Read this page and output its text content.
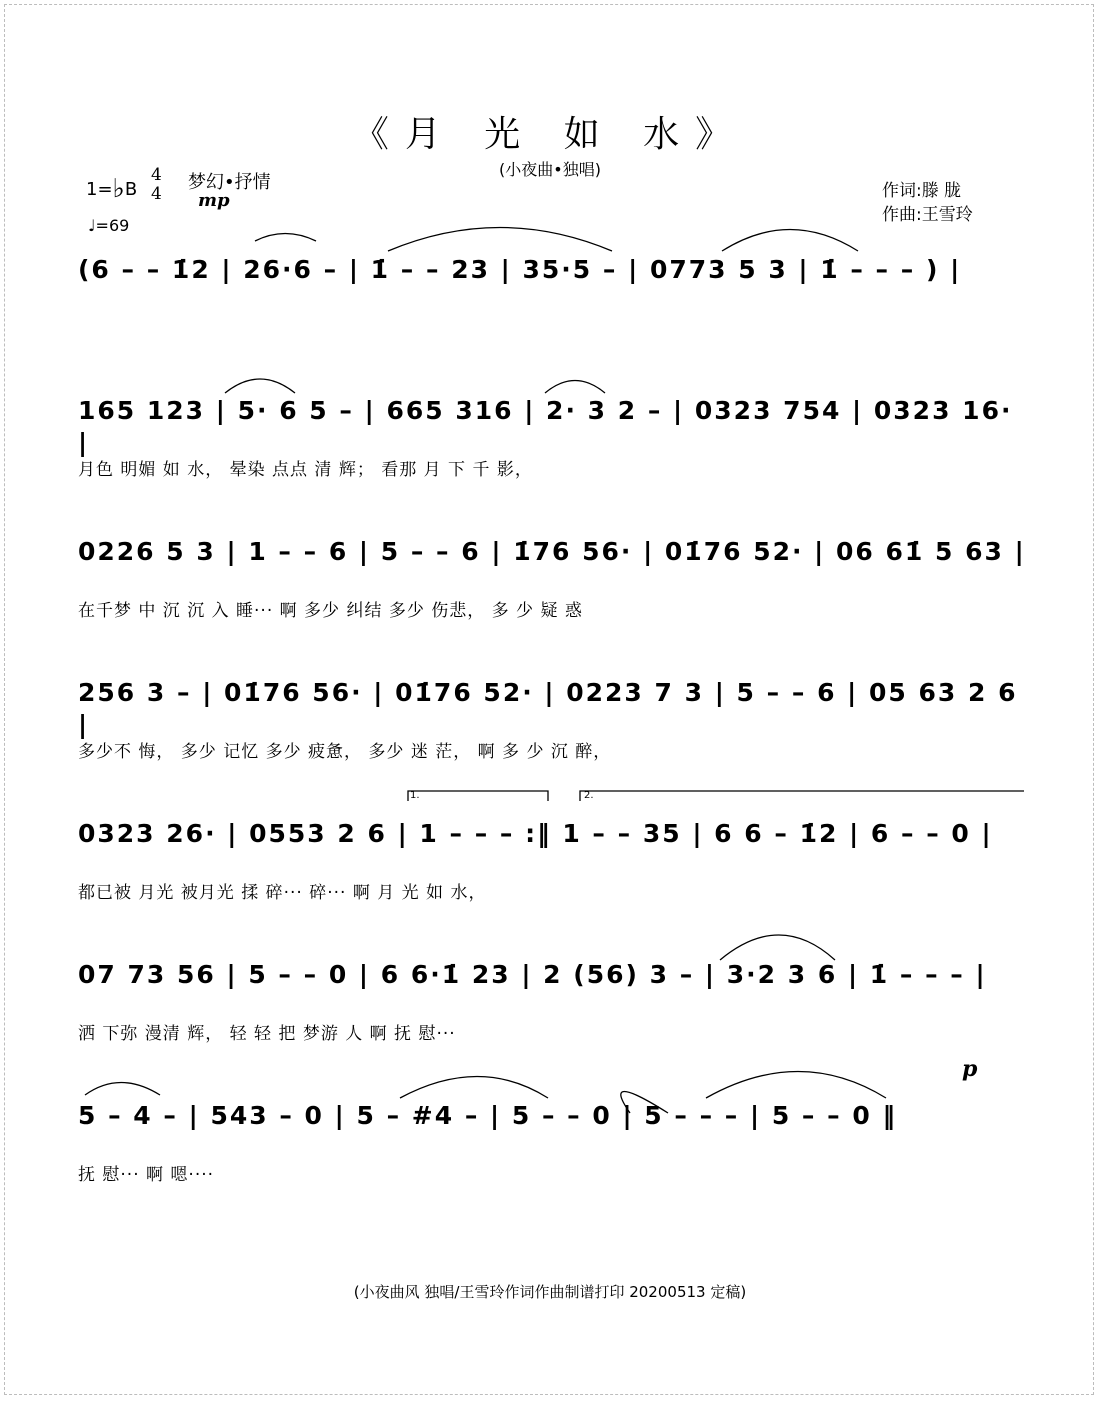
《月 光 如 水》
(小夜曲•独唱)
1=♭B
4
4
梦幻•抒情
mp
♩=69
作词:滕 胧
作曲:王雪玲
1.	2.
(6 – – 1̇2 | 26·6 – | 1̇ – – 23 | 35·5 – | 0773 5 3 | 1̇ – – – ) |
165 123 | 5· 6 5 – | 665 316 | 2· 3 2 – | 0323 754 | 0323 16· |
月色 明媚 如 水， 晕染 点点 清 辉； 看那 月 下 千 影，
0226 5 3 | 1 – – 6 | 5 – – 6 | 1̇76 56· | 01̇76 52· | 06 61̇ 5 63 |
在千梦 中 沉 沉 入 睡··· 啊 多少 纠结 多少 伤悲， 多 少 疑 惑
256 3 – | 01̇76 56· | 01̇76 52· | 0223 7 3 | 5 – – 6 | 05 63 2 6 |
多少不 悔， 多少 记忆 多少 疲惫， 多少 迷 茫， 啊 多 少 沉 醉，
0323 26· | 0553 2 6 | 1 – – – :‖ 1 – – 35 | 6 6 – 1̇2 | 6 – – 0 |
都已被 月光 被月光 揉 碎··· 碎··· 啊 月 光 如 水，
07 73 56 | 5 – – 0 | 6 6·1̇ 23 | 2 (56) 3 – | 3·2 3 6 | 1̇ – – – |
洒 下弥 漫清 辉， 轻 轻 把 梦游 人 啊 抚 慰···
5 – 4 – | 543 – 0 | 5 – #4 – | 5 – – 0 | 5 – – – | 5 – – 0 ‖
抚 慰··· 啊 嗯····
p
(小夜曲风 独唱/王雪玲作词作曲制谱打印 20200513 定稿)
